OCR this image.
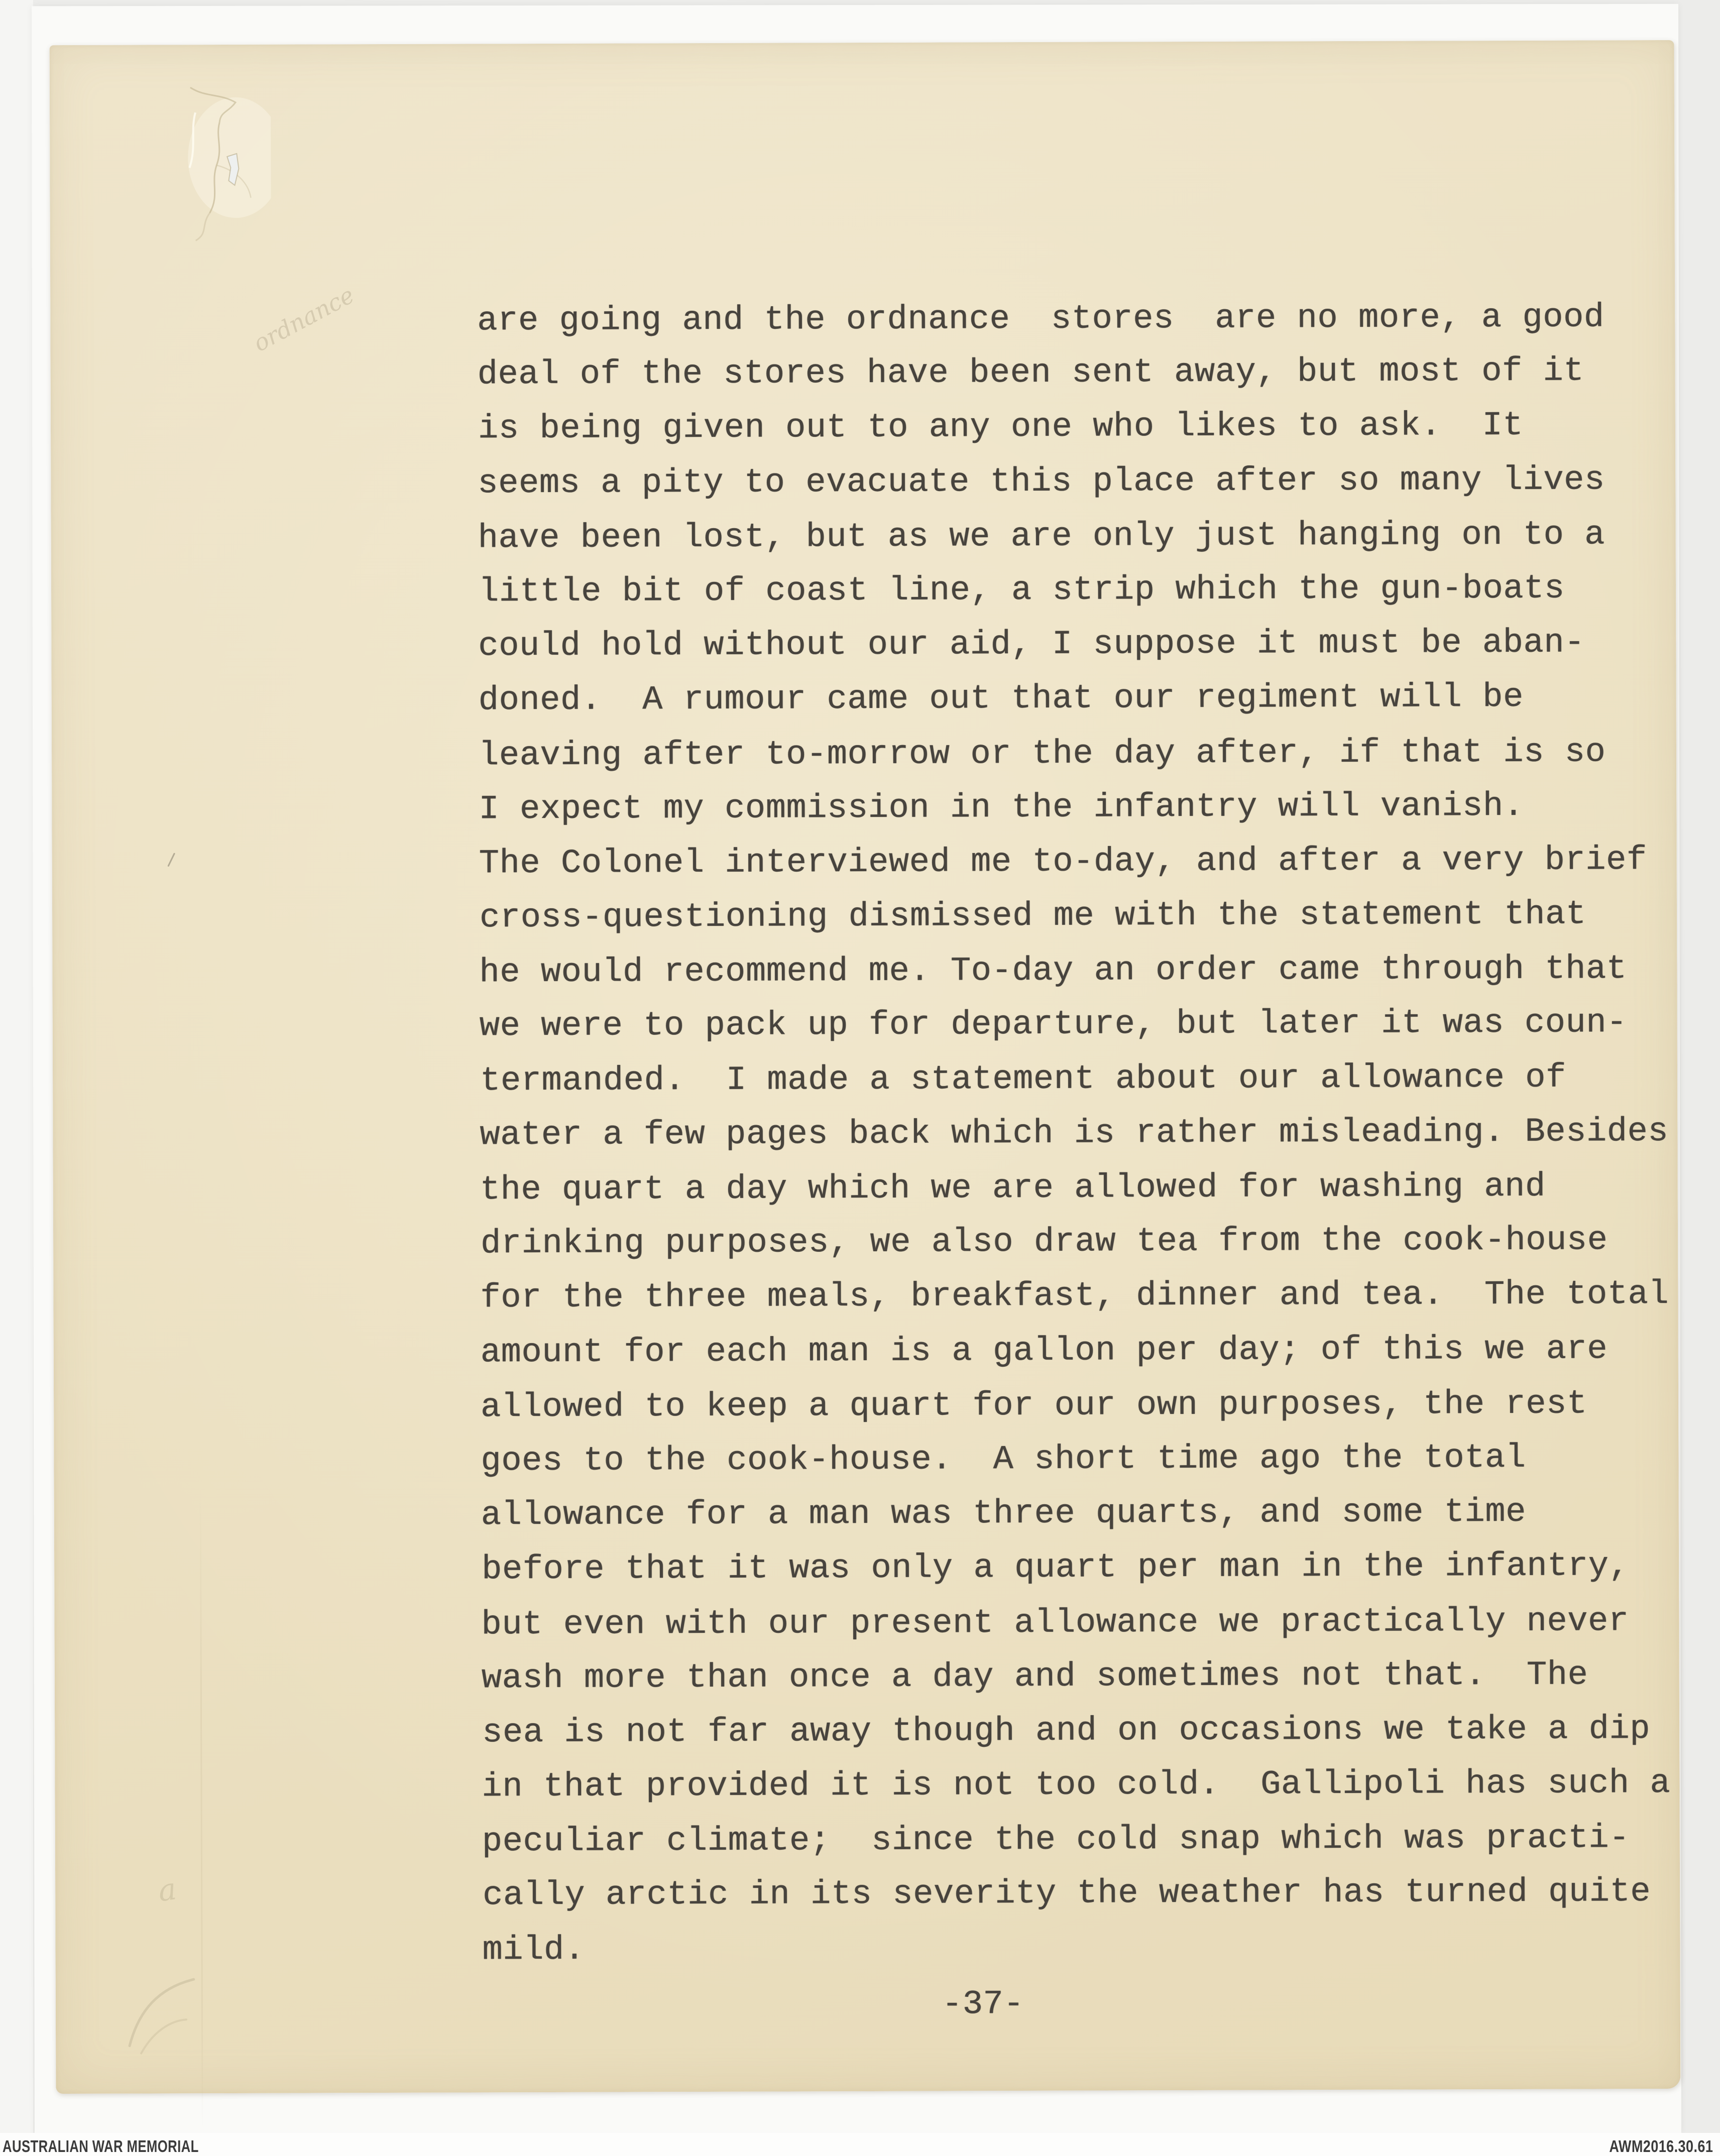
are going and the ordnance  stores  are no more, a good
deal of the stores have been sent away, but most of it
is being given out to any one who likes to ask.  It
seems a pity to evacuate this place after so many lives
have been lost, but as we are only just hanging on to a
little bit of coast line, a strip which the gun-boats
could hold without our aid, I suppose it must be aban-
doned.  A rumour came out that our regiment will be
leaving after to-morrow or the day after, if that is so
I expect my commission in the infantry will vanish.
The Colonel interviewed me to-day, and after a very brief
cross-questioning dismissed me with the statement that
he would recommend me. To-day an order came through that
we were to pack up for departure, but later it was coun-
termanded.  I made a statement about our allowance of
water a few pages back which is rather misleading. Besides
the quart a day which we are allowed for washing and
drinking purposes, we also draw tea from the cook-house
for the three meals, breakfast, dinner and tea.  The total
amount for each man is a gallon per day; of this we are
allowed to keep a quart for our own purposes, the rest
goes to the cook-house.  A short time ago the total
allowance for a man was three quarts, and some time
before that it was only a quart per man in the infantry,
but even with our present allowance we practically never
wash more than once a day and sometimes not that.  The
sea is not far away though and on occasions we take a dip
in that provided it is not too cold.  Gallipoli has such a
peculiar climate;  since the cold snap which was practi-
cally arctic in its severity the weather has turned quite
mild.
-37-
ordnance
a
AUSTRALIAN WAR MEMORIAL	AWM2016.30.61
